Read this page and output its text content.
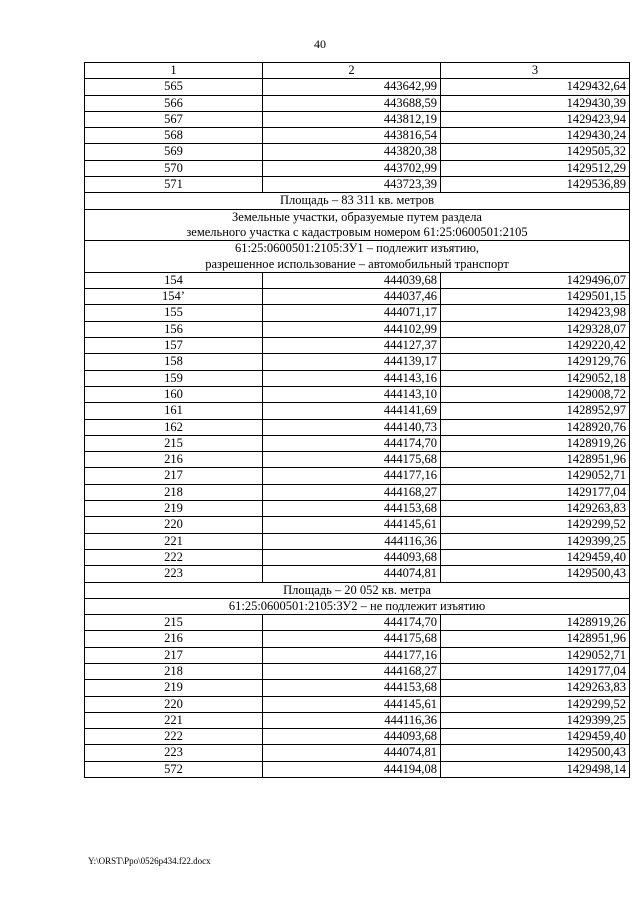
40
1	2	3
565	443642,99	1429432,64
566	443688,59	1429430,39
567	443812,19	1429423,94
568	443816,54	1429430,24
569	443820,38	1429505,32
570	443702,99	1429512,29
571	443723,39	1429536,89

Площадь – 83 311 кв. метров		

Земельные участки, образуемые путем раздела
земельного участка с кадастровым номером 61:25:0600501:2105		

61:25:0600501:2105:ЗУ1 – подлежит изъятию,
разрешенное использование – автомобильный транспорт		

154	444039,68	1429496,07
154’	444037,46	1429501,15
155	444071,17	1429423,98
156	444102,99	1429328,07
157	444127,37	1429220,42
158	444139,17	1429129,76
159	444143,16	1429052,18
160	444143,10	1429008,72
161	444141,69	1428952,97
162	444140,73	1428920,76
215	444174,70	1428919,26
216	444175,68	1428951,96
217	444177,16	1429052,71
218	444168,27	1429177,04
219	444153,68	1429263,83
220	444145,61	1429299,52
221	444116,36	1429399,25
222	444093,68	1429459,40
223	444074,81	1429500,43

Площадь – 20 052 кв. метра		

61:25:0600501:2105:ЗУ2 – не подлежит изъятию		

215	444174,70	1428919,26
216	444175,68	1428951,96
217	444177,16	1429052,71
218	444168,27	1429177,04
219	444153,68	1429263,83
220	444145,61	1429299,52
221	444116,36	1429399,25
222	444093,68	1429459,40
223	444074,81	1429500,43
572	444194,08	1429498,14
Y:\ORST\Ppo\0526p434.f22.docx
